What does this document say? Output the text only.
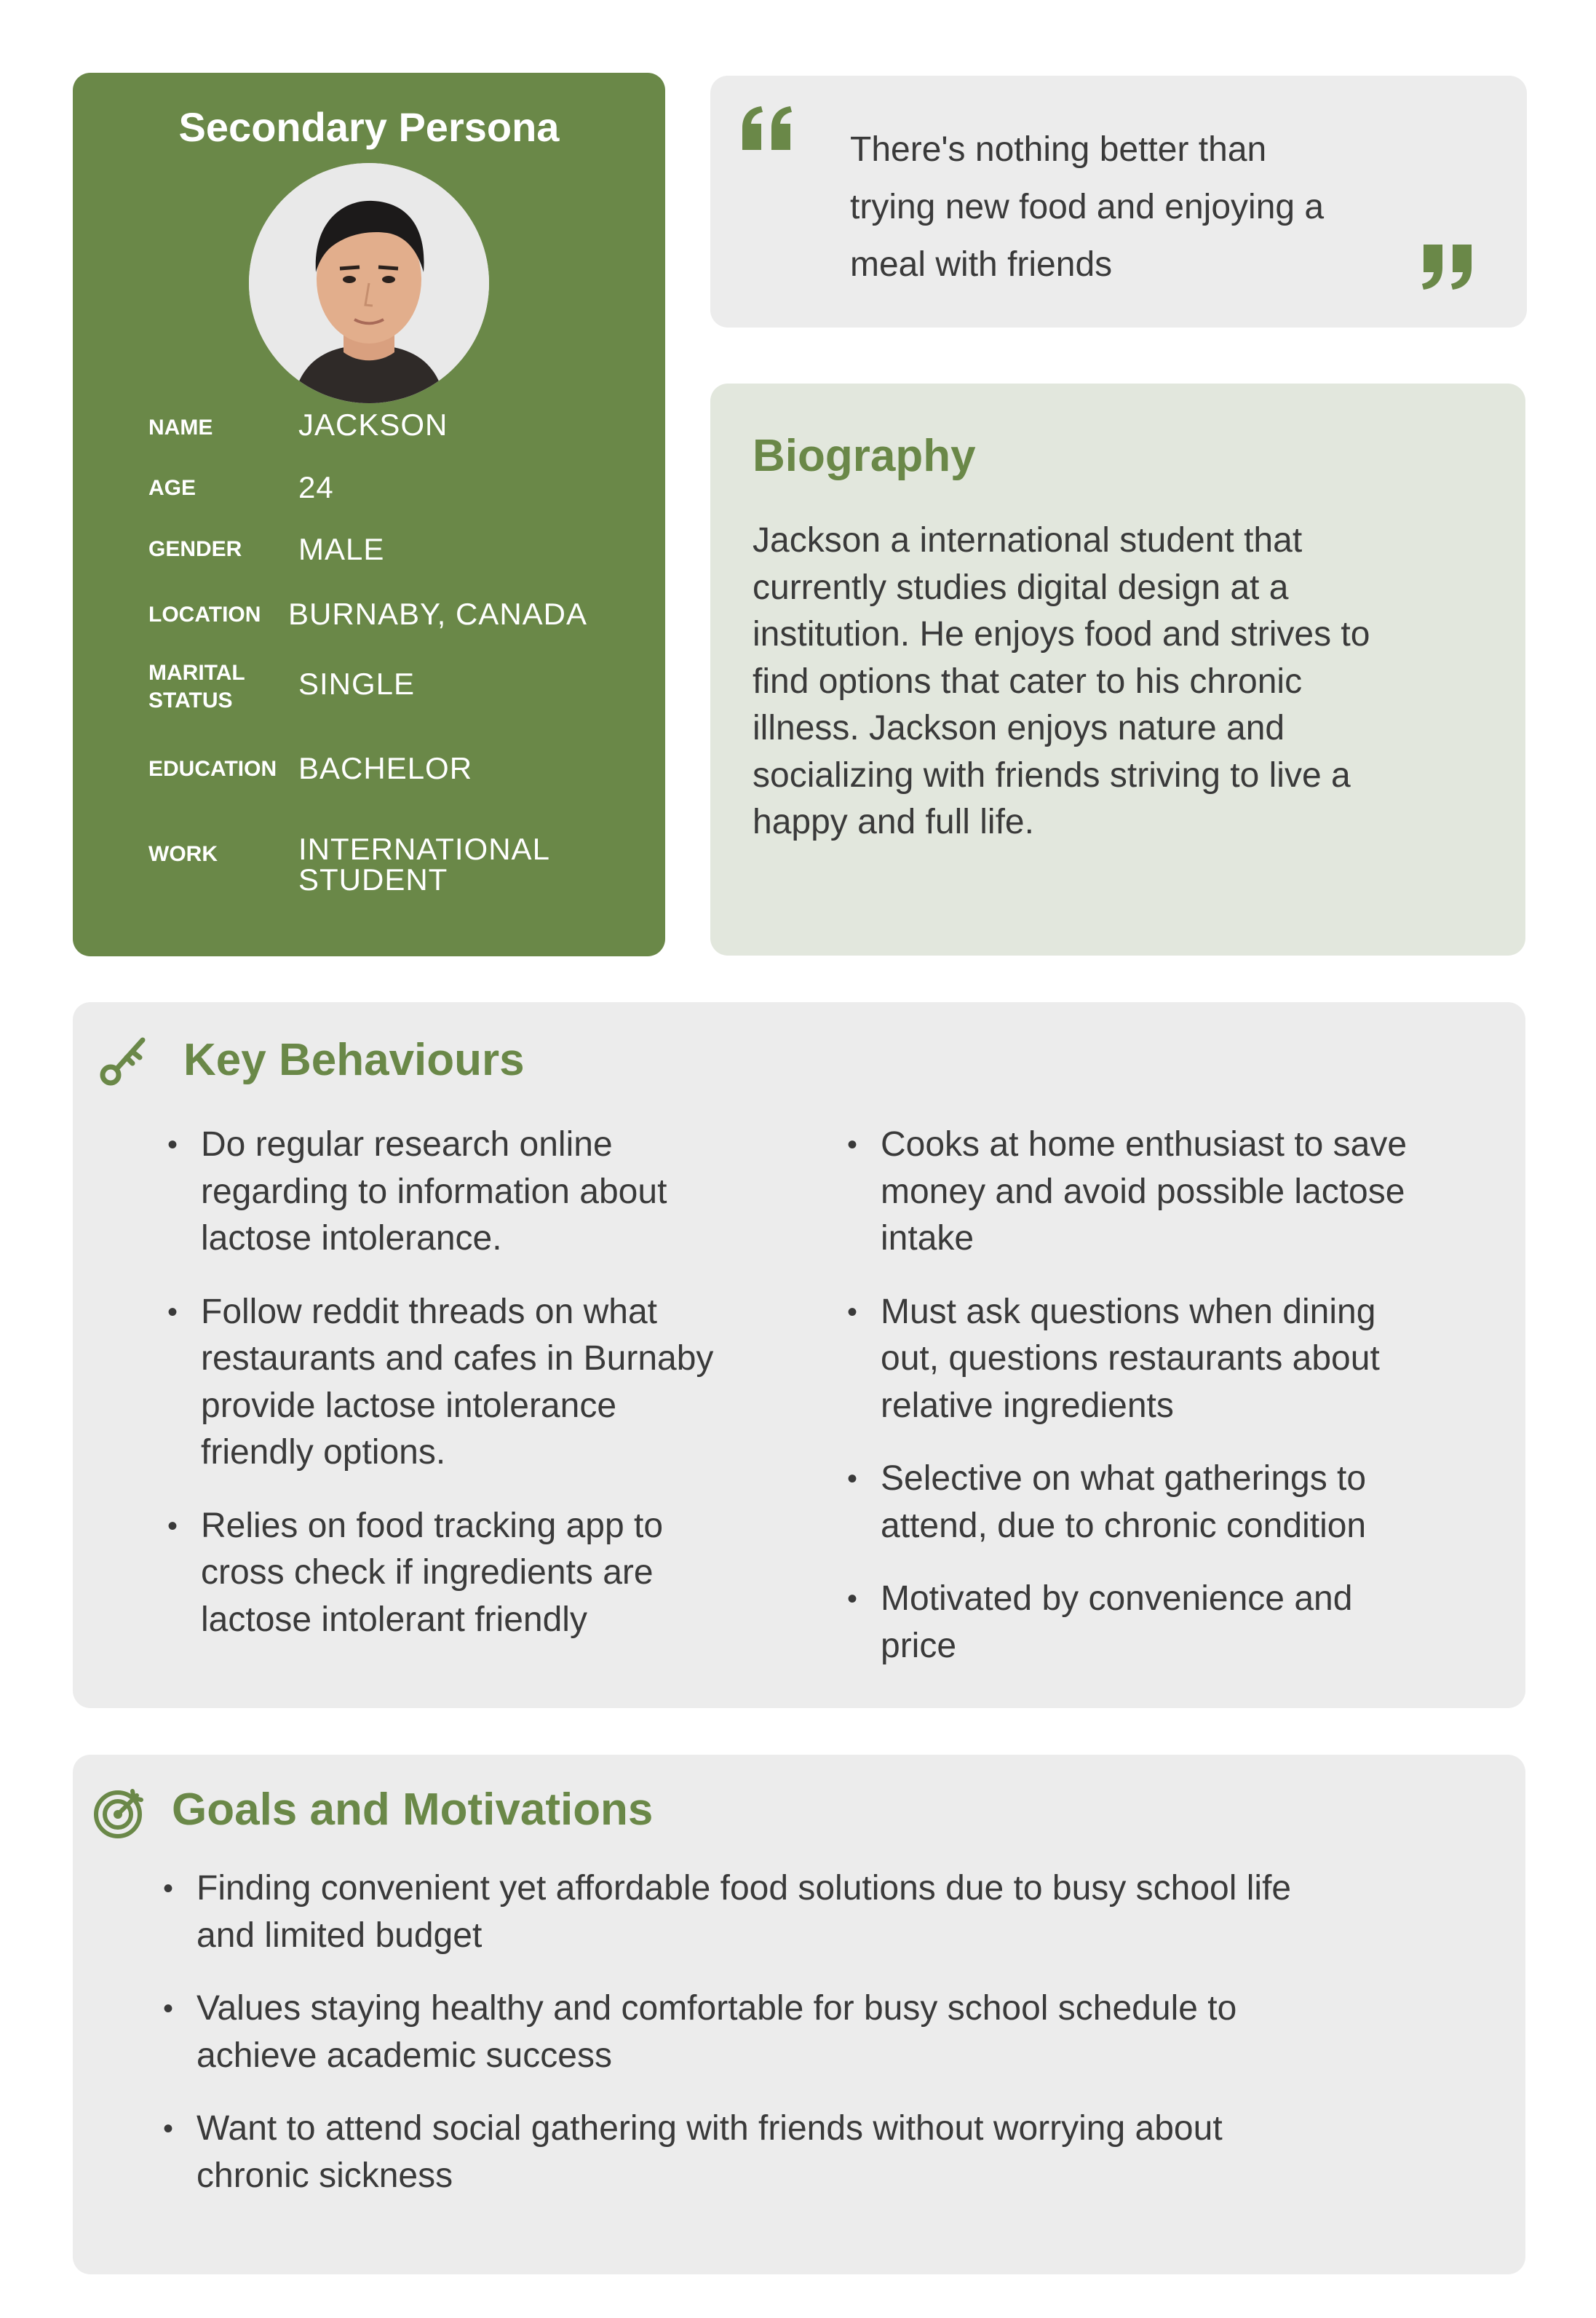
Secondary Persona
NAME	JACKSON
AGE	24
GENDER MALE
LOCATION BURNABY, CANADA
MARITAL
STATUS	SINGLE
EDUCATION BACHELOR
WORK	INTERNATIONAL
STUDENT
There's nothing better than
trying new food and enjoying a
meal with friends
Biography
Jackson a international student that
currently studies digital design at a
institution. He enjoys food and strives to
find options that cater to his chronic
illness. Jackson enjoys nature and
socializing with friends striving to live a
happy and full life.
Key Behaviours
• Do regular research online
regarding to information about
lactose intolerance.
• Follow reddit threads on what
restaurants and cafes in Burnaby
provide lactose intolerance
friendly options.
• Relies on food tracking app to
cross check if ingredients are
lactose intolerant friendly
• Cooks at home enthusiast to save
money and avoid possible lactose
intake
• Must ask questions when dining
out, questions restaurants about
relative ingredients
• Selective on what gatherings to
attend, due to chronic condition
• Motivated by convenience and
price
Goals and Motivations
• Finding convenient yet affordable food solutions due to busy school life
and limited budget
• Values staying healthy and comfortable for busy school schedule to
achieve academic success
• Want to attend social gathering with friends without worrying about
chronic sickness
